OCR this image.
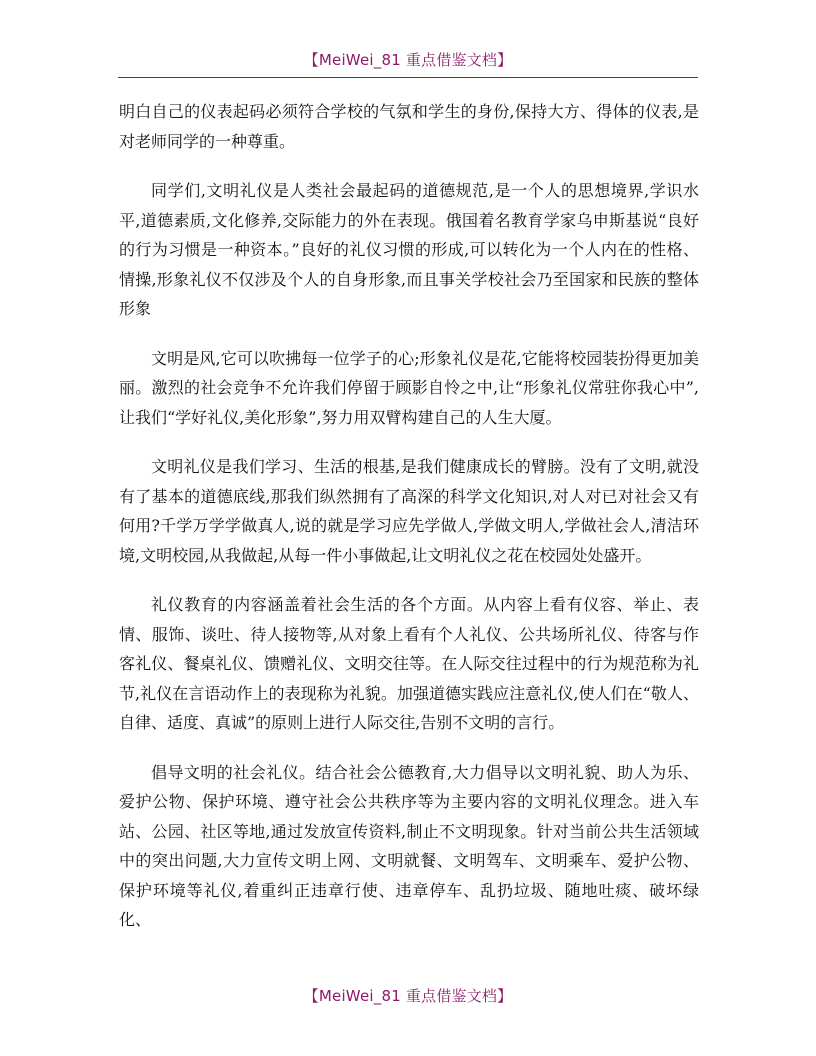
【MeiWei_81 重点借鉴文档】

明白自己的仪表起码必须符合学校的气氛和学生的身份,保持大方、得体的仪表,是对老师同学的一种尊重。

同学们,文明礼仪是人类社会最起码的道德规范,是一个人的思想境界,学识水平,道德素质,文化修养,交际能力的外在表现。俄国着名教育学家乌申斯基说“良好的行为习惯是一种资本。”良好的礼仪习惯的形成,可以转化为一个人内在的性格、情操,形象礼仪不仅涉及个人的自身形象,而且事关学校社会乃至国家和民族的整体形象

文明是风,它可以吹拂每一位学子的心;形象礼仪是花,它能将校园装扮得更加美丽。激烈的社会竞争不允许我们停留于顾影自怜之中,让“形象礼仪常驻你我心中”,让我们“学好礼仪,美化形象”,努力用双臂构建自己的人生大厦。

文明礼仪是我们学习、生活的根基,是我们健康成长的臂膀。没有了文明,就没有了基本的道德底线,那我们纵然拥有了高深的科学文化知识,对人对已对社会又有何用?千学万学学做真人,说的就是学习应先学做人,学做文明人,学做社会人,清洁环境,文明校园,从我做起,从每一件小事做起,让文明礼仪之花在校园处处盛开。

礼仪教育的内容涵盖着社会生活的各个方面。从内容上看有仪容、举止、表情、服饰、谈吐、待人接物等,从对象上看有个人礼仪、公共场所礼仪、待客与作客礼仪、餐桌礼仪、馈赠礼仪、文明交往等。在人际交往过程中的行为规范称为礼节,礼仪在言语动作上的表现称为礼貌。加强道德实践应注意礼仪,使人们在“敬人、自律、适度、真诚”的原则上进行人际交往,告别不文明的言行。

倡导文明的社会礼仪。结合社会公德教育,大力倡导以文明礼貌、助人为乐、爱护公物、保护环境、遵守社会公共秩序等为主要内容的文明礼仪理念。进入车站、公园、社区等地,通过发放宣传资料,制止不文明现象。针对当前公共生活领域中的突出问题,大力宣传文明上网、文明就餐、文明驾车、文明乘车、爱护公物、保护环境等礼仪,着重纠正违章行使、违章停车、乱扔垃圾、随地吐痰、破坏绿化、

【MeiWei_81 重点借鉴文档】
